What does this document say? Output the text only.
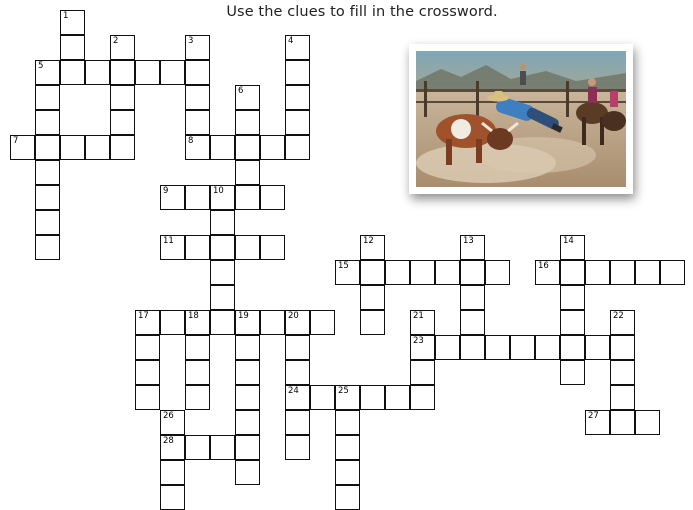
Use the clues to fill in the crossword.
1
2	3	4
5
6
7	8
9	10
11	12	13	14
15	16
17	18	19	20	21	22
23
24	25
26	27
28
